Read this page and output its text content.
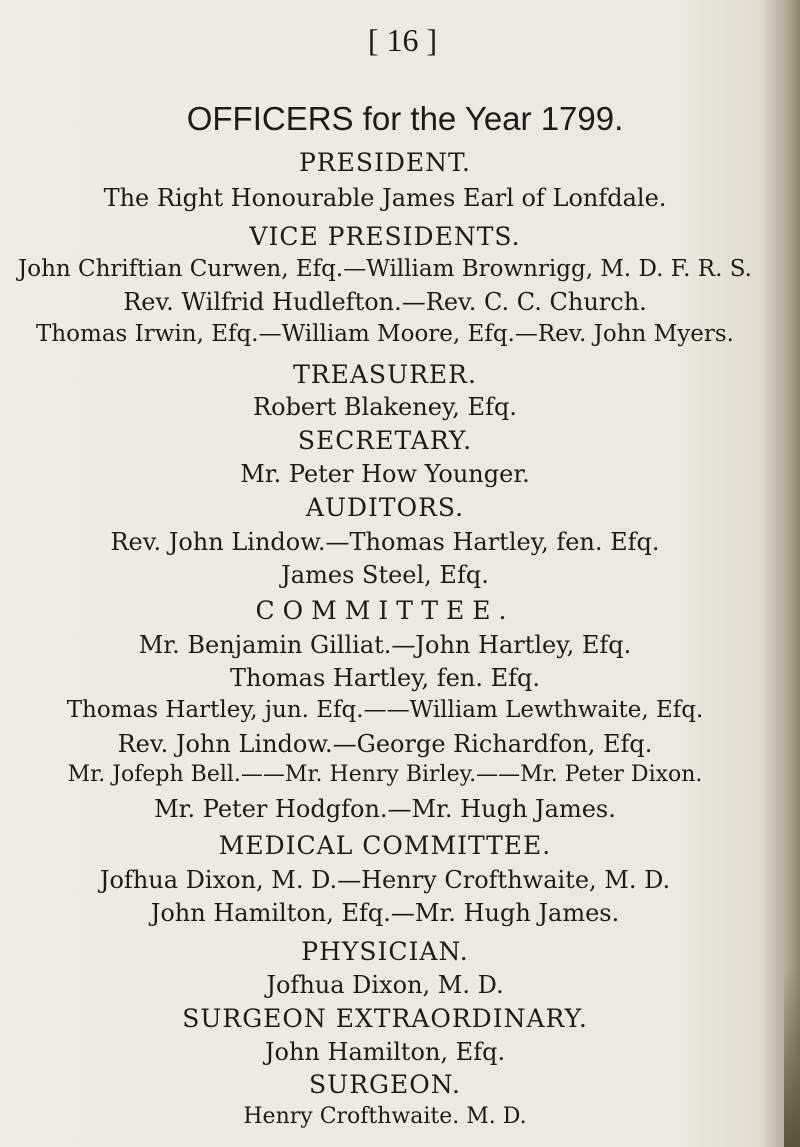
[ 16 ]

OFFICERS for the Year 1799.

PRESIDENT.

The Right Honourable James Earl of Lonfdale.

VICE PRESIDENTS.

John Chriftian Curwen, Efq.—William Brownrigg, M. D. F. R. S.

Rev. Wilfrid Hudlefton.—Rev. C. C. Church.

Thomas Irwin, Efq.—William Moore, Efq.—Rev. John Myers.

TREASURER.

Robert Blakeney, Efq.

SECRETARY.

Mr. Peter How Younger.

AUDITORS.

Rev. John Lindow.—Thomas Hartley, fen. Efq.

James Steel, Efq.

COMMITTEE.

Mr. Benjamin Gilliat.—John Hartley, Efq.

Thomas Hartley, fen. Efq.

Thomas Hartley, jun. Efq.——William Lewthwaite, Efq.

Rev. John Lindow.—George Richardfon, Efq.

Mr. Jofeph Bell.——Mr. Henry Birley.——Mr. Peter Dixon.

Mr. Peter Hodgfon.—Mr. Hugh James.

MEDICAL COMMITTEE.

Jofhua Dixon, M. D.—Henry Crofthwaite, M. D.

John Hamilton, Efq.—Mr. Hugh James.

PHYSICIAN.

Jofhua Dixon, M. D.

SURGEON EXTRAORDINARY.

John Hamilton, Efq.

SURGEON.

Henry Crofthwaite. M. D.
